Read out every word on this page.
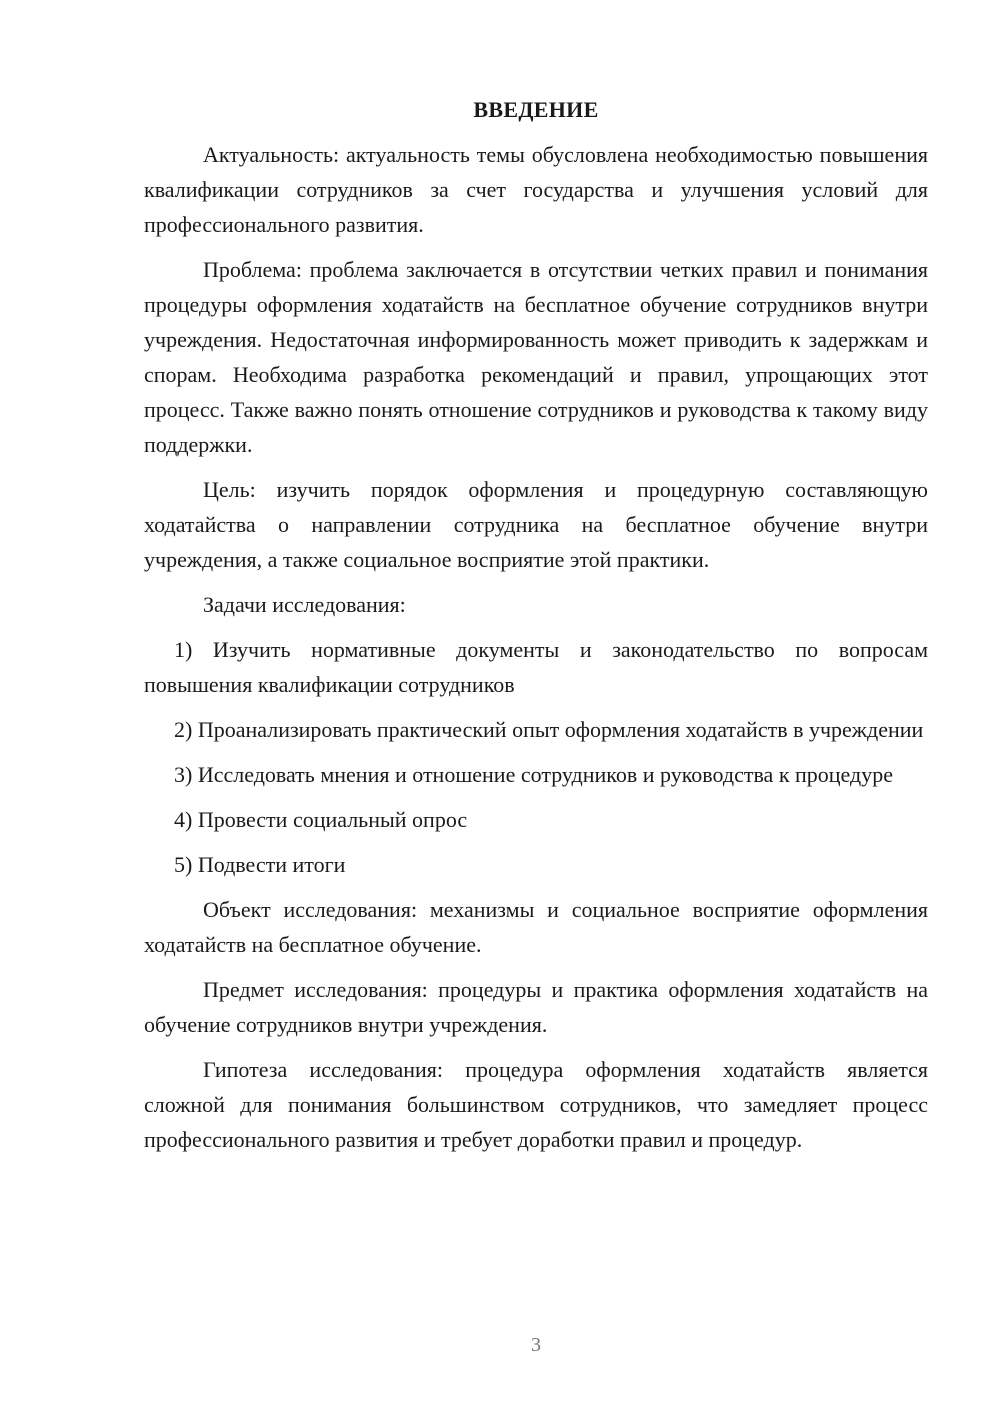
ВВЕДЕНИЕ

Актуальность: актуальность темы обусловлена необходимостью повышения квалификации сотрудников за счет государства и улучшения условий для профессионального развития.

Проблема: проблема заключается в отсутствии четких правил и понимания процедуры оформления ходатайств на бесплатное обучение сотрудников внутри учреждения. Недостаточная информированность может приводить к задержкам и спорам. Необходима разработка рекомендаций и правил, упрощающих этот процесс. Также важно понять отношение сотрудников и руководства к такому виду поддержки.

Цель: изучить порядок оформления и процедурную составляющую ходатайства о направлении сотрудника на бесплатное обучение внутри учреждения, а также социальное восприятие этой практики.

Задачи исследования:

1) Изучить нормативные документы и законодательство по вопросам повышения квалификации сотрудников

2) Проанализировать практический опыт оформления ходатайств в учреждении

3) Исследовать мнения и отношение сотрудников и руководства к процедуре

4) Провести социальный опрос

5) Подвести итоги

Объект исследования: механизмы и социальное восприятие оформления ходатайств на бесплатное обучение.

Предмет исследования: процедуры и практика оформления ходатайств на обучение сотрудников внутри учреждения.

Гипотеза исследования: процедура оформления ходатайств является сложной для понимания большинством сотрудников, что замедляет процесс профессионального развития и требует доработки правил и процедур.

3
